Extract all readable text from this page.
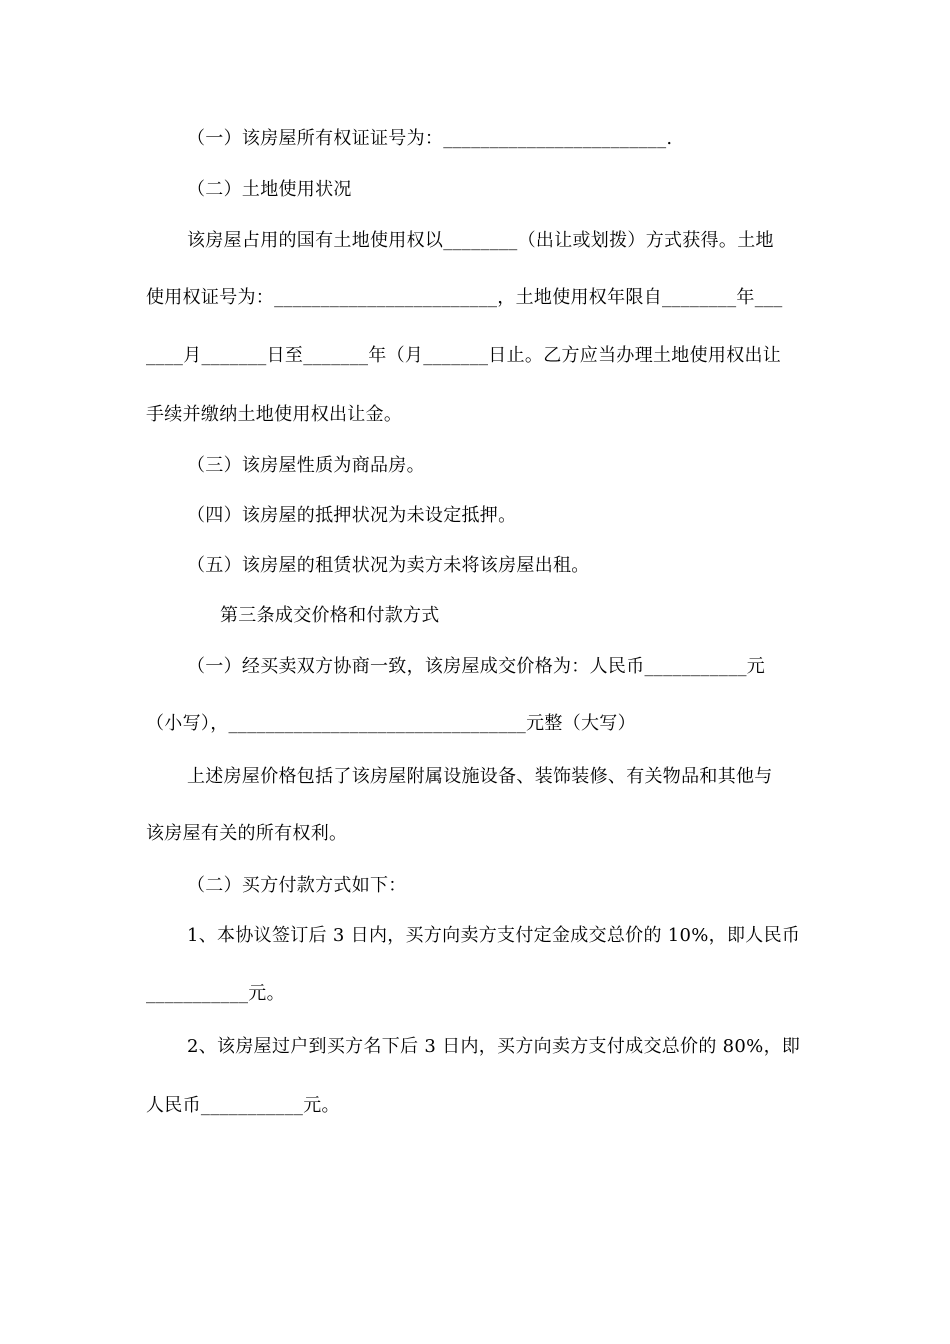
（一）该房屋所有权证证号为：________________________.
（二）土地使用状况
该房屋占用的国有土地使用权以________（出让或划拨）方式获得。土地
使用权证号为：________________________，土地使用权年限自________年___
____月_______日至_______年（月_______日止。乙方应当办理土地使用权出让
手续并缴纳土地使用权出让金。
（三）该房屋性质为商品房。
（四）该房屋的抵押状况为未设定抵押。
（五）该房屋的租赁状况为卖方未将该房屋出租。
第三条成交价格和付款方式
（一）经买卖双方协商一致，该房屋成交价格为：人民币___________元
（小写），________________________________元整（大写）
上述房屋价格包括了该房屋附属设施设备、装饰装修、有关物品和其他与
该房屋有关的所有权利。
（二）买方付款方式如下：
1、本协议签订后 3 日内，买方向卖方支付定金成交总价的 10%，即人民币
___________元。
2、该房屋过户到买方名下后 3 日内，买方向卖方支付成交总价的 80%，即
人民币___________元。
